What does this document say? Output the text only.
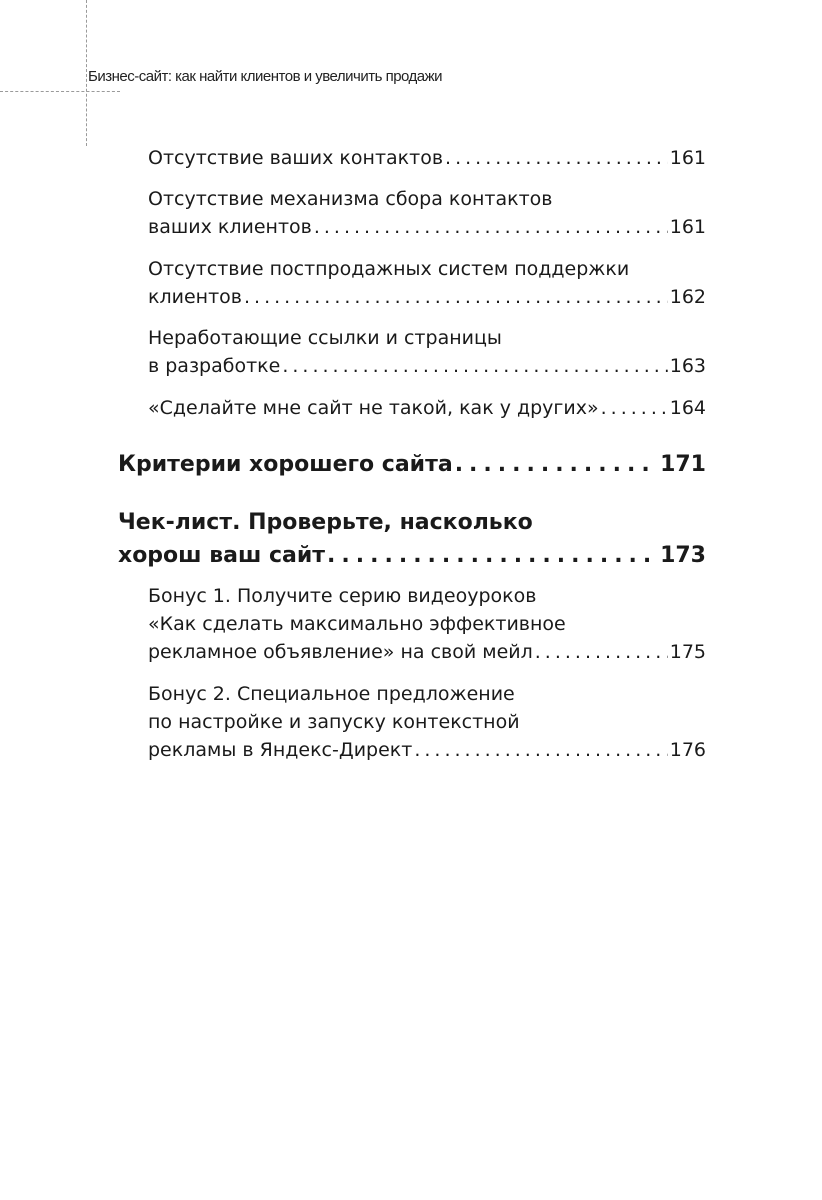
Бизнес-сайт: как найти клиентов и увеличить продажи
Отсутствие ваших контактов .....	161
Отсутствие механизма сбора контактов
ваших клиентов .....	161
Отсутствие постпродажных систем поддержки
клиентов .....	162
Неработающие ссылки и страницы
в разработке .....	163
«Сделайте мне сайт не такой, как у других» .....	164
Критерии хорошего сайта .....	171
Чек-лист. Проверьте, насколько
хорош ваш сайт .....	173
Бонус 1. Получите серию видеоуроков
«Как сделать максимально эффективное
рекламное объявление» на свой мейл .....	175
Бонус 2. Специальное предложение
по настройке и запуску контекстной
рекламы в Яндекс-Директ .....	176
